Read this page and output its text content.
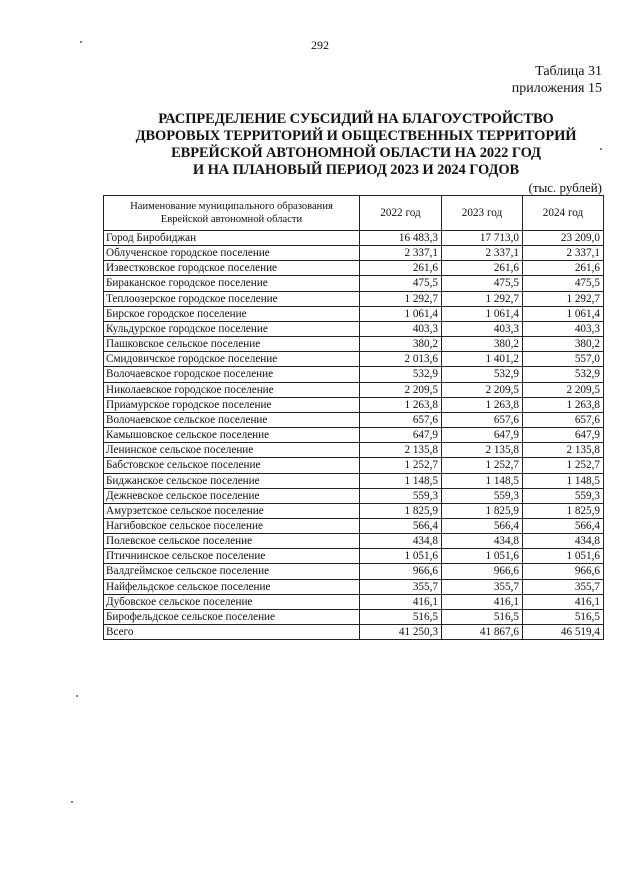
292
Таблица 31
приложения 15
РАСПРЕДЕЛЕНИЕ СУБСИДИЙ НА БЛАГОУСТРОЙСТВО
ДВОРОВЫХ ТЕРРИТОРИЙ И ОБЩЕСТВЕННЫХ ТЕРРИТОРИЙ
ЕВРЕЙСКОЙ АВТОНОМНОЙ ОБЛАСТИ НА 2022 ГОД
И НА ПЛАНОВЫЙ ПЕРИОД 2023 И 2024 ГОДОВ
(тыс. рублей)
Наименование муниципального образования Еврейской автономной области	2022 год	2023 год	2024 год
Город Биробиджан	16 483,3	17 713,0	23 209,0
Облученское городское поселение	2 337,1	2 337,1	2 337,1
Известковское городское поселение	261,6	261,6	261,6
Бираканское городское поселение	475,5	475,5	475,5
Теплоозерское городское поселение	1 292,7	1 292,7	1 292,7
Бирское городское поселение	1 061,4	1 061,4	1 061,4
Кульдурское городское поселение	403,3	403,3	403,3
Пашковское сельское поселение	380,2	380,2	380,2
Смидовичское городское поселение	2 013,6	1 401,2	557,0
Волочаевское городское поселение	532,9	532,9	532,9
Николаевское городское поселение	2 209,5	2 209,5	2 209,5
Приамурское городское поселение	1 263,8	1 263,8	1 263,8
Волочаевское сельское поселение	657,6	657,6	657,6
Камышовское сельское поселение	647,9	647,9	647,9
Ленинское сельское поселение	2 135,8	2 135,8	2 135,8
Бабстовское сельское поселение	1 252,7	1 252,7	1 252,7
Биджанское сельское поселение	1 148,5	1 148,5	1 148,5
Дежневское сельское поселение	559,3	559,3	559,3
Амурзетское сельское поселение	1 825,9	1 825,9	1 825,9
Нагибовское сельское поселение	566,4	566,4	566,4
Полевское сельское поселение	434,8	434,8	434,8
Птичнинское сельское поселение	1 051,6	1 051,6	1 051,6
Валдгеймское сельское поселение	966,6	966,6	966,6
Найфельдское сельское поселение	355,7	355,7	355,7
Дубовское сельское поселение	416,1	416,1	416,1
Бирофельдское сельское поселение	516,5	516,5	516,5
Всего	41 250,3	41 867,6	46 519,4
